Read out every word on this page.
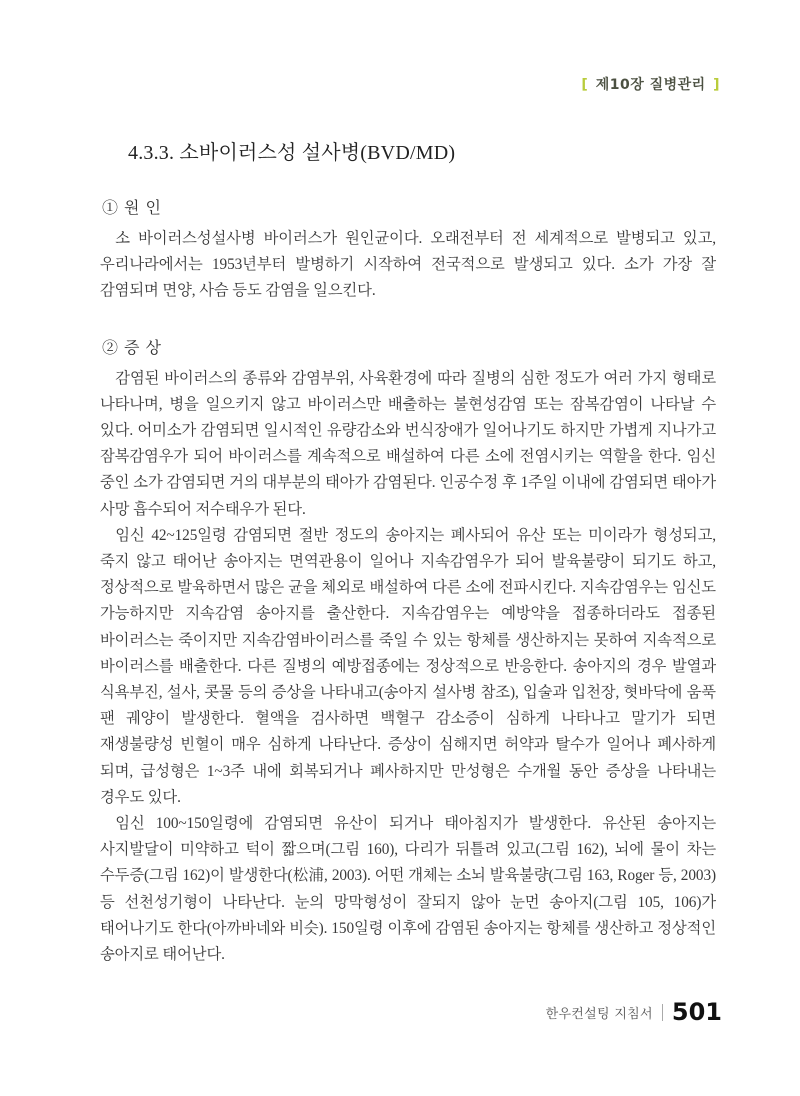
[ 제10장 질병관리 ]
4.3.3. 소바이러스성 설사병(BVD/MD)
① 원 인

소 바이러스성설사병 바이러스가 원인균이다. 오래전부터 전 세계적으로 발병되고 있고, 우리나라에서는 1953년부터 발병하기 시작하여 전국적으로 발생되고 있다. 소가 가장 잘 감염되며 면양, 사슴 등도 감염을 일으킨다.

② 증 상

감염된 바이러스의 종류와 감염부위, 사육환경에 따라 질병의 심한 정도가 여러 가지 형태로 나타나며, 병을 일으키지 않고 바이러스만 배출하는 불현성감염 또는 잠복감염이 나타날 수 있다. 어미소가 감염되면 일시적인 유량감소와 번식장애가 일어나기도 하지만 가볍게 지나가고 잠복감염우가 되어 바이러스를 계속적으로 배설하여 다른 소에 전염시키는 역할을 한다. 임신 중인 소가 감염되면 거의 대부분의 태아가 감염된다. 인공수정 후 1주일 이내에 감염되면 태아가 사망 흡수되어 저수태우가 된다.

임신 42~125일령 감염되면 절반 정도의 송아지는 폐사되어 유산 또는 미이라가 형성되고, 죽지 않고 태어난 송아지는 면역관용이 일어나 지속감염우가 되어 발육불량이 되기도 하고, 정상적으로 발육하면서 많은 균을 체외로 배설하여 다른 소에 전파시킨다. 지속감염우는 임신도 가능하지만 지속감염 송아지를 출산한다. 지속감염우는 예방약을 접종하더라도 접종된 바이러스는 죽이지만 지속감염바이러스를 죽일 수 있는 항체를 생산하지는 못하여 지속적으로 바이러스를 배출한다. 다른 질병의 예방접종에는 정상적으로 반응한다. 송아지의 경우 발열과 식욕부진, 설사, 콧물 등의 증상을 나타내고(송아지 설사병 참조), 입술과 입천장, 혓바닥에 움푹 팬 궤양이 발생한다. 혈액을 검사하면 백혈구 감소증이 심하게 나타나고 말기가 되면 재생불량성 빈혈이 매우 심하게 나타난다. 증상이 심해지면 허약과 탈수가 일어나 폐사하게 되며, 급성형은 1~3주 내에 회복되거나 폐사하지만 만성형은 수개월 동안 증상을 나타내는 경우도 있다.

임신 100~150일령에 감염되면 유산이 되거나 태아침지가 발생한다. 유산된 송아지는 사지발달이 미약하고 턱이 짧으며(그림 160), 다리가 뒤틀려 있고(그림 162), 뇌에 물이 차는 수두증(그림 162)이 발생한다(松浦, 2003). 어떤 개체는 소뇌 발육불량(그림 163, Roger 등, 2003) 등 선천성기형이 나타난다. 눈의 망막형성이 잘되지 않아 눈먼 송아지(그림 105, 106)가 태어나기도 한다(아까바네와 비슷). 150일령 이후에 감염된 송아지는 항체를 생산하고 정상적인 송아지로 태어난다.

한우컨설팅 지침서 501
